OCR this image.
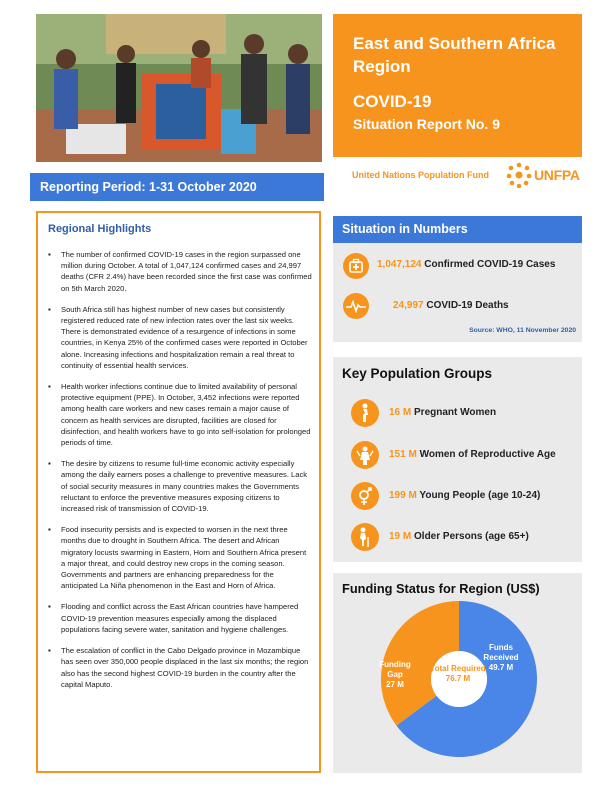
East and Southern Africa Region
COVID-19
Situation Report No. 9
United Nations Population Fund	UNFPA
Reporting Period: 1-31 October 2020
Regional Highlights
▪ The number of confirmed COVID-19 cases in the region surpassed one million during October. A total of 1,047,124 confirmed cases and 24,997 deaths (CFR 2.4%) have been recorded since the first case was confirmed on 5th March 2020.
▪ South Africa still has highest number of new cases but consistently registered reduced rate of new infection rates over the last six weeks. There is demonstrated evidence of a resurgence of infections in some countries, in Kenya 25% of the confirmed cases were reported in October alone. Increasing infections and hospitalization remain a real threat to continuity of essential health services.
▪ Health worker infections continue due to limited availability of personal protective equipment (PPE). In October, 3,452 infections were reported among health care workers and new cases remain a major cause of concern as health services are disrupted, facilities are closed for disinfection, and health workers have to go into self-isolation for prolonged periods of time.
▪ The desire by citizens to resume full-time economic activity especially among the daily earners poses a challenge to preventive measures. Lack of social security measures in many countries makes the Governments reluctant to enforce the preventive measures exposing citizens to increased risk of transmission of COVID-19.
▪ Food insecurity persists and is expected to worsen in the next three months due to drought in Southern Africa. The desert and African migratory locusts swarming in Eastern, Horn and Southern Africa present a major threat, and could destroy new crops in the coming season. Governments and partners are enhancing preparedness for the anticipated La Niña phenomenon in the East and Horn of Africa.
▪ Flooding and conflict across the East African countries have hampered COVID-19 prevention measures especially among the displaced populations facing severe water, sanitation and hygiene challenges.
▪ The escalation of conflict in the Cabo Delgado province in Mozambique has seen over 350,000 people displaced in the last six months; the region also has the second highest COVID-19 burden in the country after the capital Maputo.
Situation in Numbers
1,047,124 Confirmed COVID-19 Cases
24,997 COVID-19 Deaths
Source: WHO, 11 November 2020
Key Population Groups
16 M Pregnant Women
151 M Women of Reproductive Age
199 M Young People (age 10-24)
19 M Older Persons (age 65+)
Funding Status for Region (US$)
Funds Received
49.7 M
Funding Gap
27 M
Total Required
76.7 M
